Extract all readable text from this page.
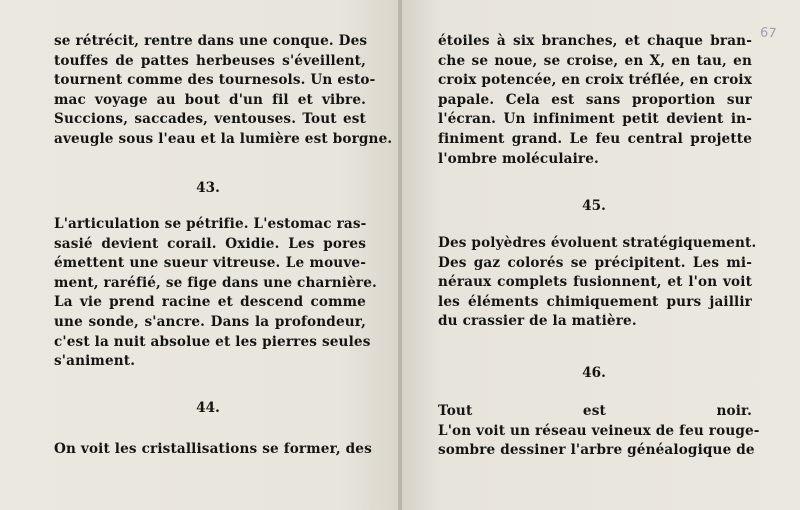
se rétrécit, rentre dans une conque. Des
touffes de pattes herbeuses s'éveillent,
tournent comme des tournesols. Un esto-
mac voyage au bout d'un fil et vibre.
Succions, saccades, ventouses. Tout est
aveugle sous l'eau et la lumière est borgne.
43.
L'articulation se pétrifie. L'estomac ras-
sasié devient corail. Oxidie. Les pores
émettent une sueur vitreuse. Le mouve-
ment, raréfié, se fige dans une charnière.
La vie prend racine et descend comme
une sonde, s'ancre. Dans la profondeur,
c'est la nuit absolue et les pierres seules
s'animent.
44.
On voit les cristallisations se former, des
étoiles à six branches, et chaque bran-
che se noue, se croise, en X, en tau, en
croix potencée, en croix tréflée, en croix
papale. Cela est sans proportion sur
l'écran. Un infiniment petit devient in-
finiment grand. Le feu central projette
l'ombre moléculaire.
45.
Des polyèdres évoluent stratégiquement.
Des gaz colorés se précipitent. Les mi-
néraux complets fusionnent, et l'on voit
les éléments chimiquement purs jaillir
du crassier de la matière.
46.
Tout est noir.
L'on voit un réseau veineux de feu rouge-
sombre dessiner l'arbre généalogique de
67
